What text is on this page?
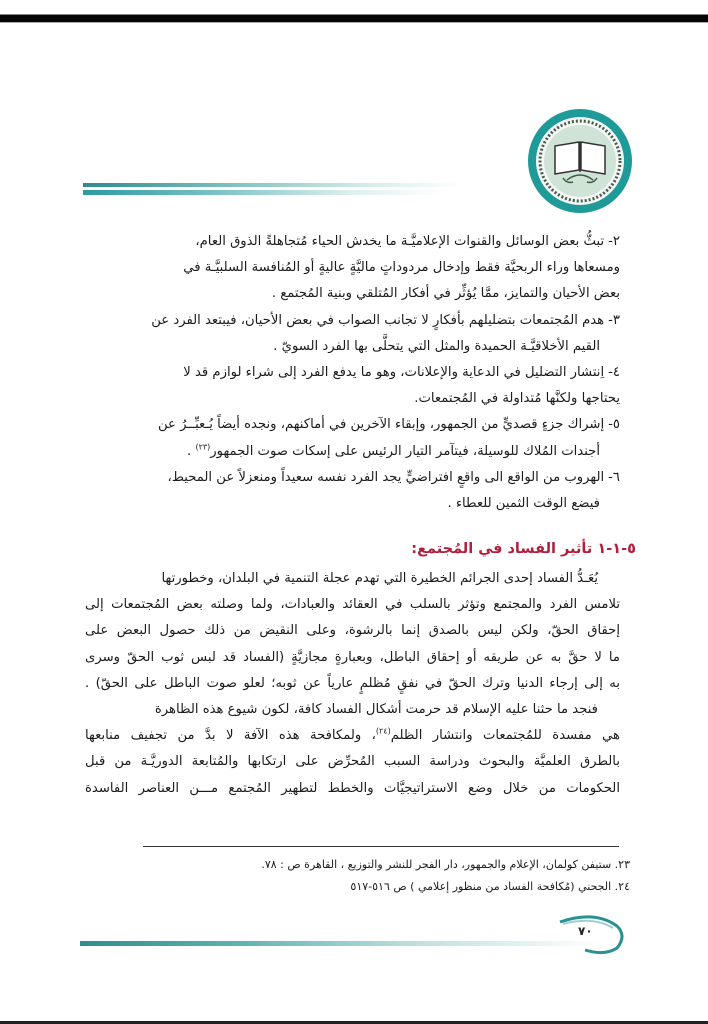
٢-تبثُّ بعض الوسائل والقنوات الإعلاميَّـة ما يخدش الحياء مُتجاهلةً الذوق العام،
ومسعاها وراء الربحيَّة فقط وإدخال مردوداتٍ ماليَّةٍ عاليةٍ أو المُنافسة السلبيَّـة في
بعض الأحيان والتمايز، ممَّا يُؤثِّر في أفكار المُتلقي وبنية المُجتمع .
٣-هدم المُجتمعات بتضليلهم بأفكارٍ لا تجانب الصواب في بعض الأحيان، فيبتعد الفرد عن
القيم الأخلاقيَّـة الحميدة والمثل التي يتحلَّى بها الفرد السويّ .
٤-اِنتشار التضليل في الدعاية والإعلانات، وهو ما يدفع الفرد إلى شراء لوازم قد لا
يحتاجها ولكنَّها مُتداولة في المُجتمعات.
٥-إشراك جزءٍ قصديٍّ من الجمهور، وإبقاء الآخرين في أماكنهم، ونجده أيضاً يُـعبِّــرُ عن
أجندات المُلاك للوسيلة، فيتآمر التيار الرئيس على إسكات صوت الجمهور$^{(٢٣)}$ .
٦-الهروب من الواقع الى واقعٍ افتراضيٍّ يجد الفرد نفسه سعيداً ومنعزلاً عن المحيط،
فيضع الوقت الثمين للعطاء .
٥-١-١ تأثير الفساد في المُجتمع:

يُعَـدُّ الفساد إحدى الجرائم الخطيرة التي تهدم عجلة التنمية في البلدان، وخطورتها
تلامس الفرد والمجتمع وتؤثر بالسلب في العقائد والعبادات، ولما وصلته بعض المُجتمعات إلى
إحقاق الحقّ، ولكن ليس بالصدق إنما بالرشوة، وعلى النقيض من ذلك حصول البعض على
ما لا حقَّ به عن طريقه أو إحقاق الباطل، وبعبارةٍ مجازيَّةٍ (الفساد قد لبس ثوب الحقّ وسرى
به إلى إرجاء الدنيا وترك الحقّ في نفقٍ مُظلمٍ عارياً عن ثوبه؛ لعلو صوت الباطل على الحقّ) .

فنجد ما حثنا عليه الإسلام قد حرمت أشكال الفساد كافة، لكون شيوع هذه الظاهرة
هي مفسدة للمُجتمعات وانتشار الظلم$^{(٢٤)}$، ولمكافحة هذه الآفة لا بدَّ من تجفيف منابعها
بالطرق العلميَّة والبحوث ودراسة السبب المُحرِّض على ارتكابها والمُتابعة الدوريَّـة من قبل
الحكومات من خلال وضع الاستراتيجيَّات والخطط لتطهير المُجتمع مـــن العناصر الفاسدة

٢٣. ستيفن كولمان، الإعلام والجمهور، دار الفجر للنشر والتوزيع ، القاهرة ص : ٧٨.
٢٤. الجحني (مُكافحة الفساد من منظور إعلامي ) ص ٥١٦-٥١٧
٧٠
